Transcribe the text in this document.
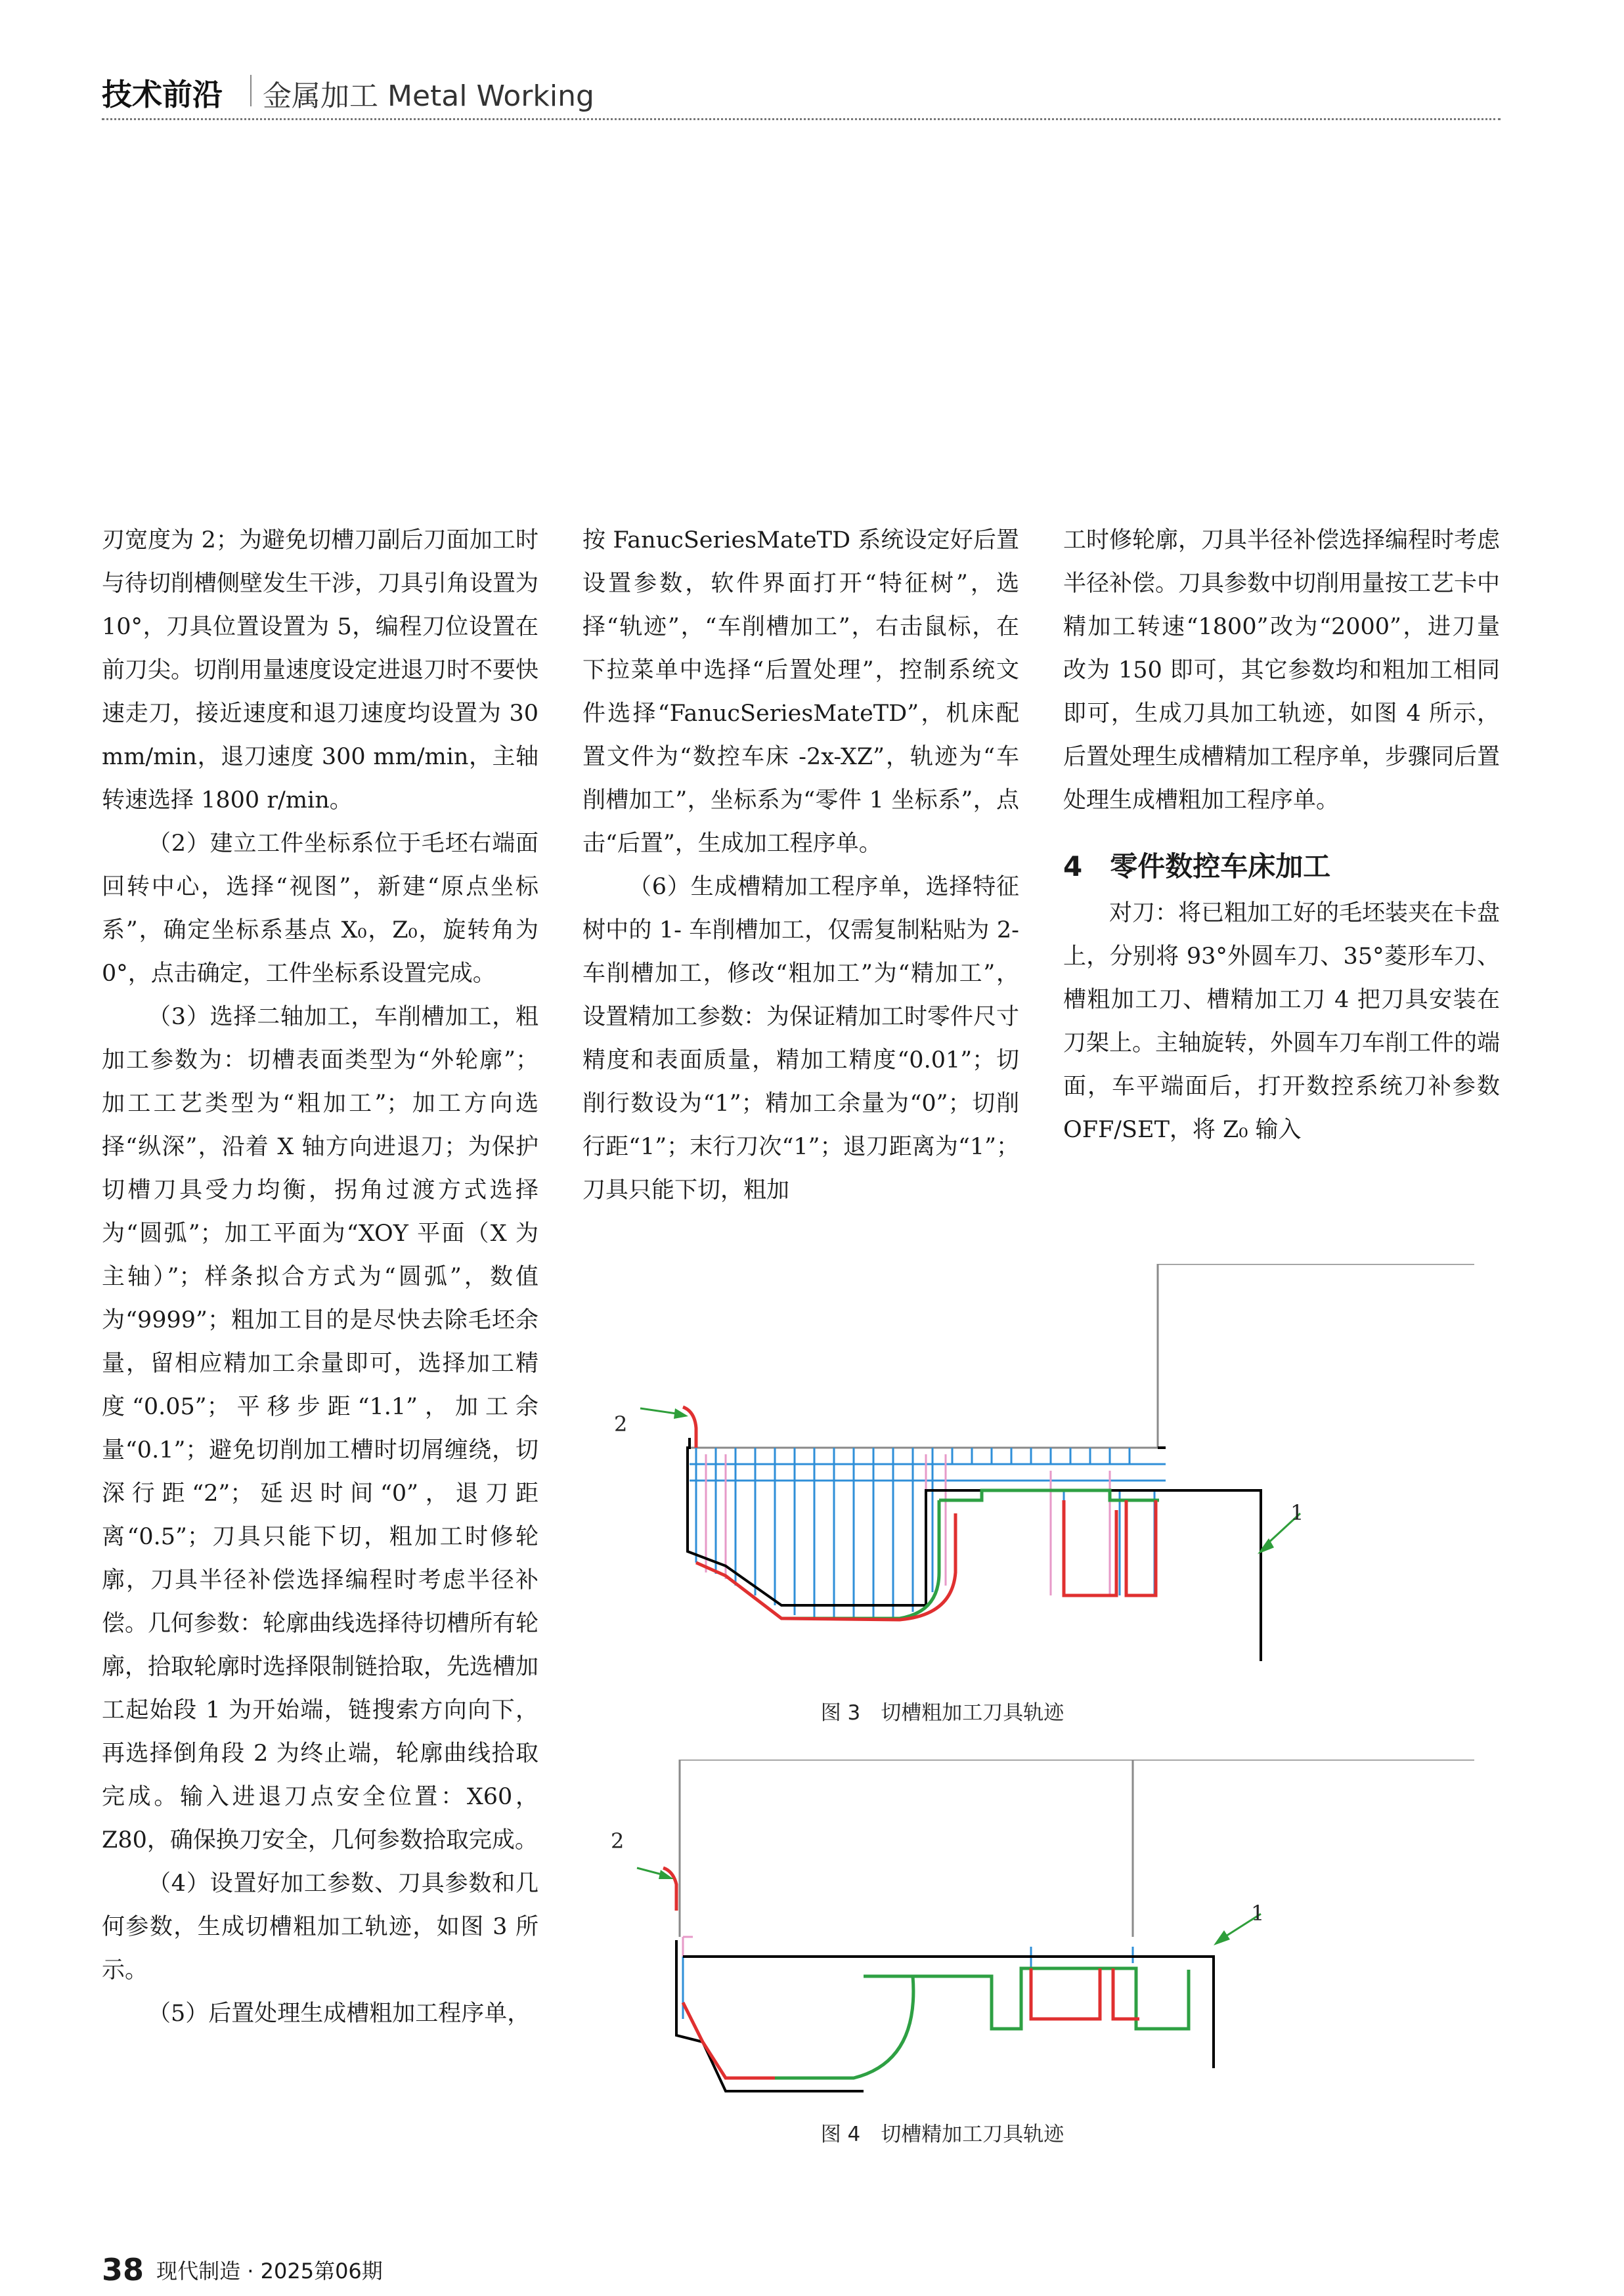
技术前沿 金属加工 Metal Working

刃宽度为 2；为避免切槽刀副后刀面加工时与待切削槽侧壁发生干涉，刀具引角设置为 10°，刀具位置设置为 5，编程刀位设置在前刀尖。切削用量速度设定进退刀时不要快速走刀，接近速度和退刀速度均设置为 30 mm/min，退刀速度 300 mm/min，主轴转速选择 1800 r/min。

（2）建立工件坐标系位于毛坯右端面回转中心，选择“视图”，新建“原点坐标系”，确定坐标系基点 X₀，Z₀，旋转角为 0°，点击确定，工件坐标系设置完成。

（3）选择二轴加工，车削槽加工，粗加工参数为：切槽表面类型为“外轮廓”；加工工艺类型为“粗加工”；加工方向选择“纵深”，沿着 X 轴方向进退刀；为保护切槽刀具受力均衡，拐角过渡方式选择为“圆弧”；加工平面为“XOY 平面（X 为主轴）”；样条拟合方式为“圆弧”，数值为“9999”；粗加工目的是尽快去除毛坯余量，留相应精加工余量即可，选择加工精度“0.05”；平移步距“1.1”，加工余量“0.1”；避免切削加工槽时切屑缠绕，切深行距“2”；延迟时间“0”，退刀距离“0.5”；刀具只能下切，粗加工时修轮廓，刀具半径补偿选择编程时考虑半径补偿。几何参数：轮廓曲线选择待切槽所有轮廓，拾取轮廓时选择限制链拾取，先选槽加工起始段 1 为开始端，链搜索方向向下，再选择倒角段 2 为终止端，轮廓曲线拾取完成。输入进退刀点安全位置：X60，Z80，确保换刀安全，几何参数拾取完成。

（4）设置好加工参数、刀具参数和几何参数，生成切槽粗加工轨迹，如图 3 所示。

（5）后置处理生成槽粗加工程序单，

按 FanucSeriesMateTD 系统设定好后置设置参数，软件界面打开“特征树”，选择“轨迹”，“车削槽加工”，右击鼠标，在下拉菜单中选择“后置处理”，控制系统文件选择“FanucSeriesMateTD”，机床配置文件为“数控车床 -2x-XZ”，轨迹为“车削槽加工”，坐标系为“零件 1 坐标系”，点击“后置”，生成加工程序单。

（6）生成槽精加工程序单，选择特征树中的 1- 车削槽加工，仅需复制粘贴为 2- 车削槽加工，修改“粗加工”为“精加工”，设置精加工参数：为保证精加工时零件尺寸精度和表面质量，精加工精度“0.01”；切削行数设为“1”；精加工余量为“0”；切削行距“1”；末行刀次“1”；退刀距离为“1”；刀具只能下切，粗加

工时修轮廓，刀具半径补偿选择编程时考虑半径补偿。刀具参数中切削用量按工艺卡中精加工转速“1800”改为“2000”，进刀量改为 150 即可，其它参数均和粗加工相同即可，生成刀具加工轨迹，如图 4 所示，后置处理生成槽精加工程序单，步骤同后置处理生成槽粗加工程序单。

4　零件数控车床加工

对刀：将已粗加工好的毛坯装夹在卡盘上，分别将 93°外圆车刀、35°菱形车刀、槽粗加工刀、槽精加工刀 4 把刀具安装在刀架上。主轴旋转，外圆车刀车削工件的端面，车平端面后，打开数控系统刀补参数 OFF/SET，将 Z₀ 输入

2
1
图 3　切槽粗加工刀具轨迹
2
1
图 4　切槽精加工刀具轨迹
38 现代制造 · 2025第06期
